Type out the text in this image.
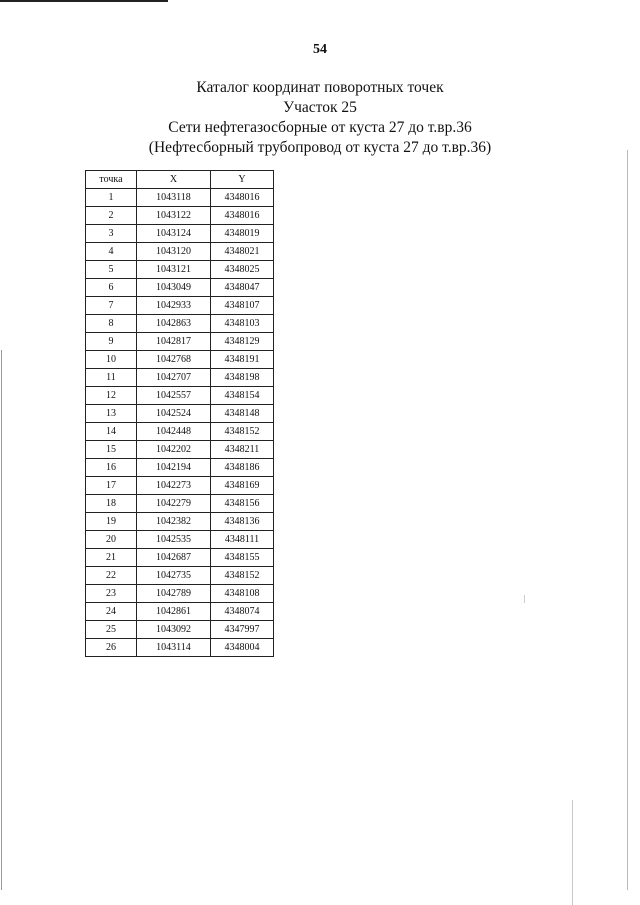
54
Каталог координат поворотных точек
Участок 25
Сети нефтегазосборные от куста 27 до т.вр.36
(Нефтесборный трубопровод от куста 27 до т.вр.36)
точка	X	Y
1	1043118	4348016
2	1043122	4348016
3	1043124	4348019
4	1043120	4348021
5	1043121	4348025
6	1043049	4348047
7	1042933	4348107
8	1042863	4348103
9	1042817	4348129
10	1042768	4348191
11	1042707	4348198
12	1042557	4348154
13	1042524	4348148
14	1042448	4348152
15	1042202	4348211
16	1042194	4348186
17	1042273	4348169
18	1042279	4348156
19	1042382	4348136
20	1042535	4348111
21	1042687	4348155
22	1042735	4348152
23	1042789	4348108
24	1042861	4348074
25	1043092	4347997
26	1043114	4348004
